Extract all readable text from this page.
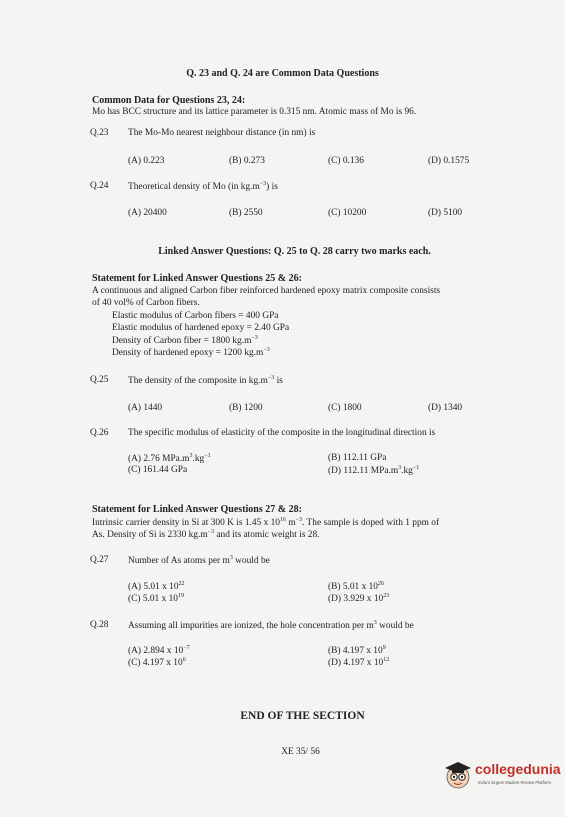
Q. 23 and Q. 24 are Common Data Questions
Common Data for Questions 23, 24:
Mo has BCC structure and its lattice parameter is 0.315 nm. Atomic mass of Mo is 96.
Q.23 The Mo-Mo nearest neighbour distance (in nm) is
(A) 0.223	(B) 0.273	(C) 0.136	(D) 0.1575
Q.24 Theoretical density of Mo (in $kg.m^{-3}$) is
(A) 20400	(B) 2550	(C) 10200	(D) 5100
Linked Answer Questions: Q. 25 to Q. 28 carry two marks each.
Statement for Linked Answer Questions 25 & 26:
A continuous and aligned Carbon fiber reinforced hardened epoxy matrix composite consists
of 40 vol% of Carbon fibers.
Elastic modulus of Carbon fibers = 400 GPa
Elastic modulus of hardened epoxy = 2.40 GPa
Density of Carbon fiber = 1800 $kg.m^{-3}$
Density of hardened epoxy = 1200 $kg.m^{-3}$
Q.25 The density of the composite in $kg.m^{-3}$ is
(A) 1440	(B) 1200	(C) 1800	(D) 1340
Q.26 The specific modulus of elasticity of the composite in the longitudinal direction is
(A) 2.76 $MPa.m^3.kg^{-1}$	(B) 112.11 GPa
(C) 161.44 GPa	(D) 112.11 $MPa.m^3.kg^{-1}$
Statement for Linked Answer Questions 27 & 28:
Intrinsic carrier density in Si at 300 K is 1.45 x $10^{16}$ $m^{-3}$. The sample is doped with 1 ppm of
As. Density of Si is 2330 $kg.m^{-3}$ and its atomic weight is 28.
Q.27 Number of As atoms per $m^3$ would be
(A) 5.01 x $10^{22}$	(B) 5.01 x $10^{26}$
(C) 5.01 x $10^{19}$	(D) 3.929 x $10^{23}$
Q.28 Assuming all impurities are ionized, the hole concentration per $m^3$ would be
(A) 2.894 x $10^{-7}$	(B) 4.197 x $10^9$
(C) 4.197 x $10^6$	(D) 4.197 x $10^{12}$
END OF THE SECTION
XE 35/ 56
collegedunia
India's largest Student Review Platform
